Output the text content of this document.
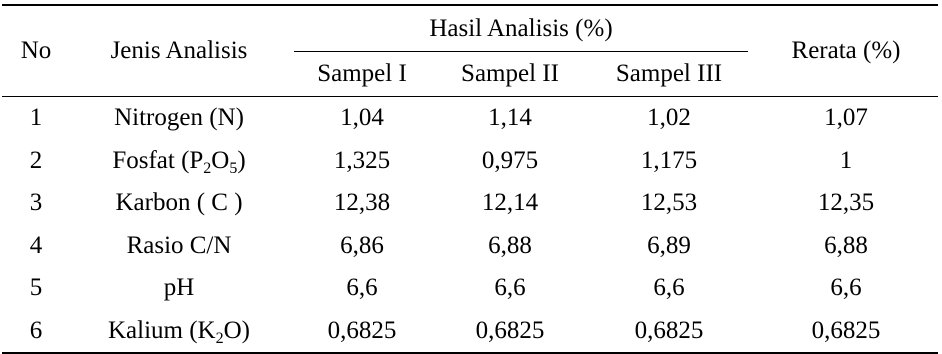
No	Jenis Analisis	Hasil Analisis (%)			Rerata (%)
		Sampel I	Sampel II	Sampel III	
1	Nitrogen (N)	1,04	1,14	1,02	1,07
2	Fosfat $(P_2O_5)$	1,325	0,975	1,175	1
3	Karbon ( C )	12,38	12,14	12,53	12,35
4	Rasio C/N	6,86	6,88	6,89	6,88
5	pH	6,6	6,6	6,6	6,6
6	Kalium $(K_2O)$	0,6825	0,6825	0,6825	0,6825
